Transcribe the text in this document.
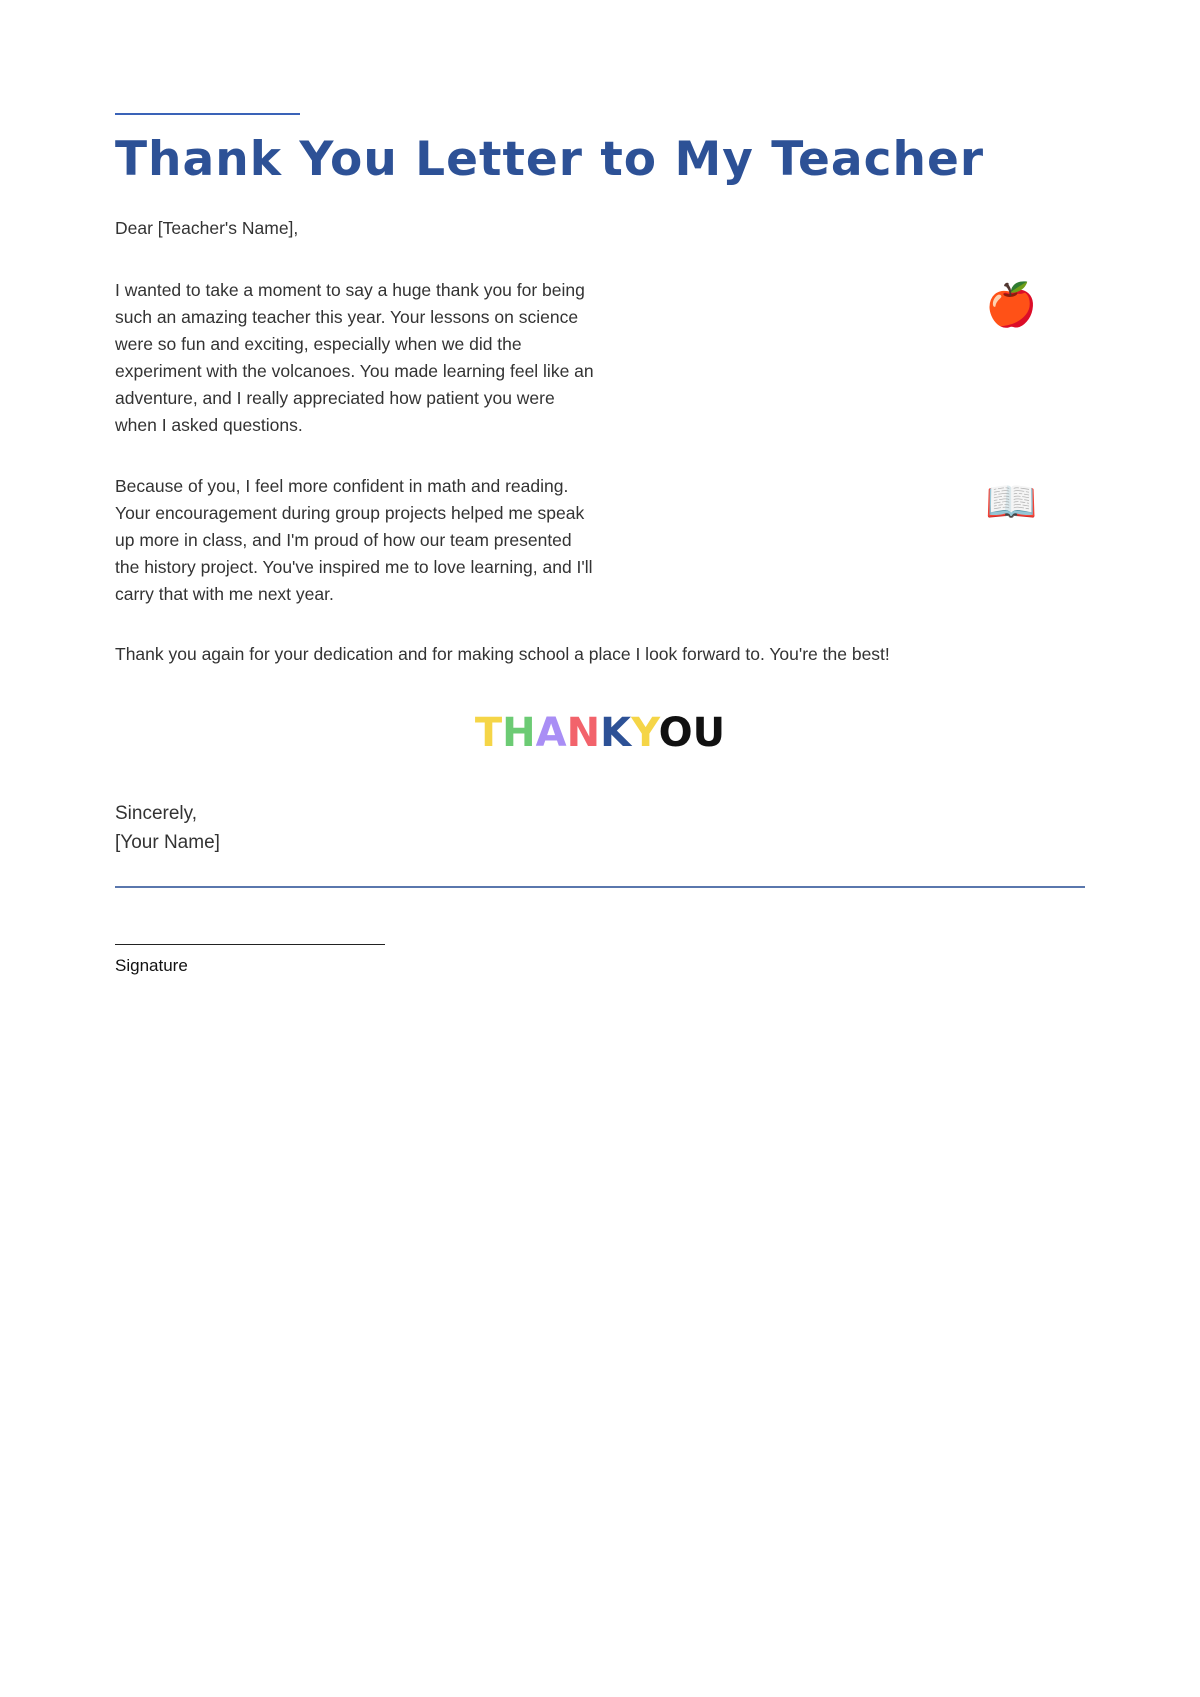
Thank You Letter to My Teacher
Dear [Teacher's Name],

I wanted to take a moment to say a huge thank you for being such an amazing teacher this year. Your lessons on science were so fun and exciting, especially when we did the experiment with the volcanoes. You made learning feel like an adventure, and I really appreciated how patient you were when I asked questions.

🍎

Because of you, I feel more confident in math and reading. Your encouragement during group projects helped me speak up more in class, and I'm proud of how our team presented the history project. You've inspired me to love learning, and I'll carry that with me next year.

📖

Thank you again for your dedication and for making school a place I look forward to. You're the best!

THANKYOU
Sincerely,
[Your Name]
Signature
